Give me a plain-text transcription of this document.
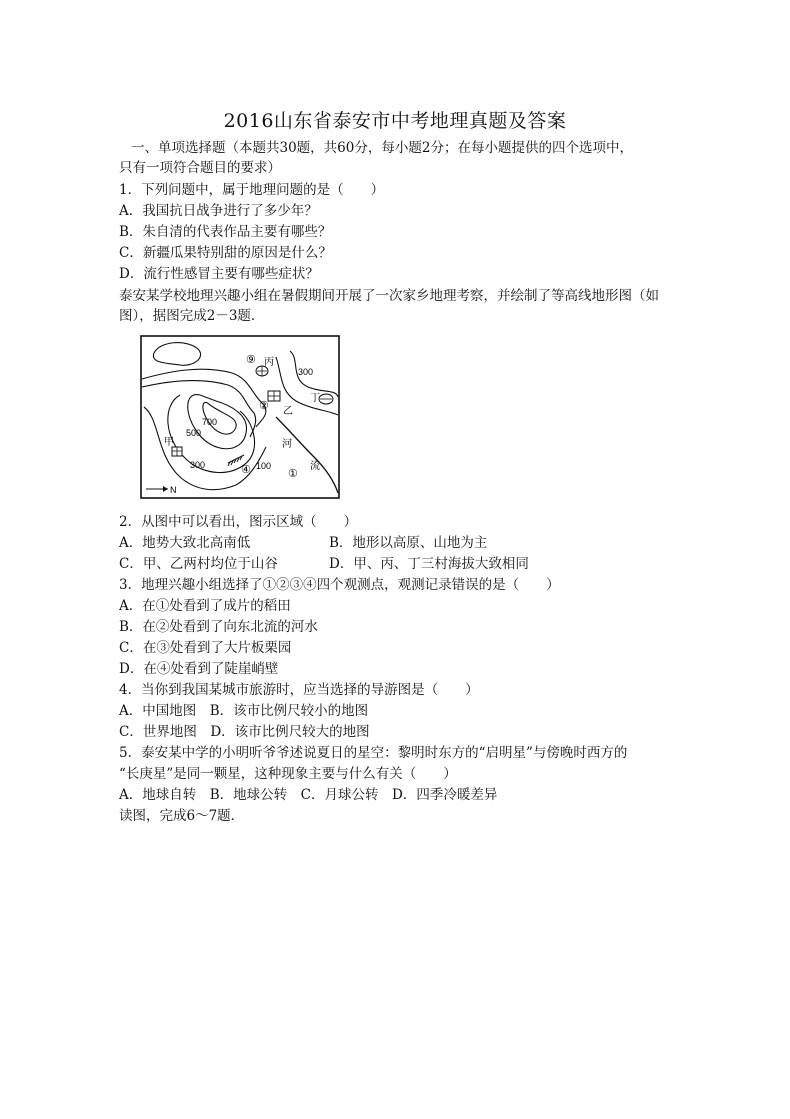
2016山东省泰安市中考地理真题及答案
一、单项选择题（本题共30题，共60分，每小题2分；在每小题提供的四个选项中，
只有一项符合题目的要求）
1．下列问题中，属于地理问题的是（　　）
A．我国抗日战争进行了多少年？
B．朱自清的代表作品主要有哪些？
C．新疆瓜果特别甜的原因是什么？
D．流行性感冒主要有哪些症状？
泰安某学校地理兴趣小组在暑假期间开展了一次家乡地理考察，并绘制了等高线地形图（如
图），据图完成2－3题．
700
500
300
300
100
甲
乙
丙
丁
河
流
①
②
⑨
④
N
2．从图中可以看出，图示区域（　　）
A．地势大致北高南低	B．地形以高原、山地为主
C．甲、乙两村均位于山谷	D．甲、丙、丁三村海拔大致相同
3．地理兴趣小组选择了①②③④四个观测点，观测记录错误的是（　　）
A．在①处看到了成片的稻田
B．在②处看到了向东北流的河水
C．在③处看到了大片板栗园
D．在④处看到了陡崖峭壁
4．当你到我国某城市旅游时，应当选择的导游图是（　　）
A．中国地图　B．该市比例尺较小的地图
C．世界地图　D．该市比例尺较大的地图
5．泰安某中学的小明听爷爷述说夏日的星空：黎明时东方的“启明星”与傍晚时西方的
“长庚星”是同一颗星，这种现象主要与什么有关（　　）
A．地球自转　B．地球公转　C．月球公转　D．四季冷暖差异
读图，完成6～7题．
